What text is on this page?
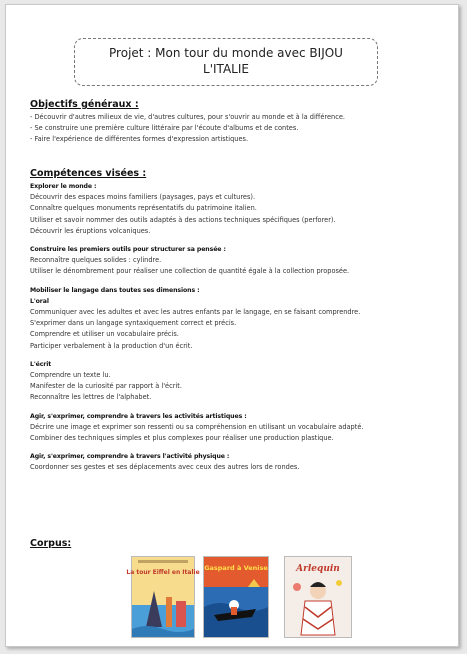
Projet : Mon tour du monde avec BIJOU
L'ITALIE
Objectifs généraux :
- Découvrir d'autres milieux de vie, d'autres cultures, pour s'ouvrir au monde et à la différence.
- Se construire une première culture littéraire par l'écoute d'albums et de contes.
- Faire l'expérience de différentes formes d'expression artistiques.
Compétences visées :
Explorer le monde :
Découvrir des espaces moins familiers (paysages, pays et cultures).
Connaître quelques monuments représentatifs du patrimoine italien.
Utiliser et savoir nommer des outils adaptés à des actions techniques spécifiques (perforer).
Découvrir les éruptions volcaniques.
Construire les premiers outils pour structurer sa pensée :
Reconnaître quelques solides : cylindre.
Utiliser le dénombrement pour réaliser une collection de quantité égale à la collection proposée.
Mobiliser le langage dans toutes ses dimensions :
L'oral
Communiquer avec les adultes et avec les autres enfants par le langage, en se faisant comprendre.
S'exprimer dans un langage syntaxiquement correct et précis.
Comprendre et utiliser un vocabulaire précis.
Participer verbalement à la production d'un écrit.
L'écrit
Comprendre un texte lu.
Manifester de la curiosité par rapport à l'écrit.
Reconnaître les lettres de l'alphabet.
Agir, s'exprimer, comprendre à travers les activités artistiques :
Décrire une image et exprimer son ressenti ou sa compréhension en utilisant un vocabulaire adapté.
Combiner des techniques simples et plus complexes pour réaliser une production plastique.
Agir, s'exprimer, comprendre à travers l'activité physique :
Coordonner ses gestes et ses déplacements avec ceux des autres lors de rondes.
Corpus:
La tour Eiffel en Italie
Gaspard à Venise	Arlequin
